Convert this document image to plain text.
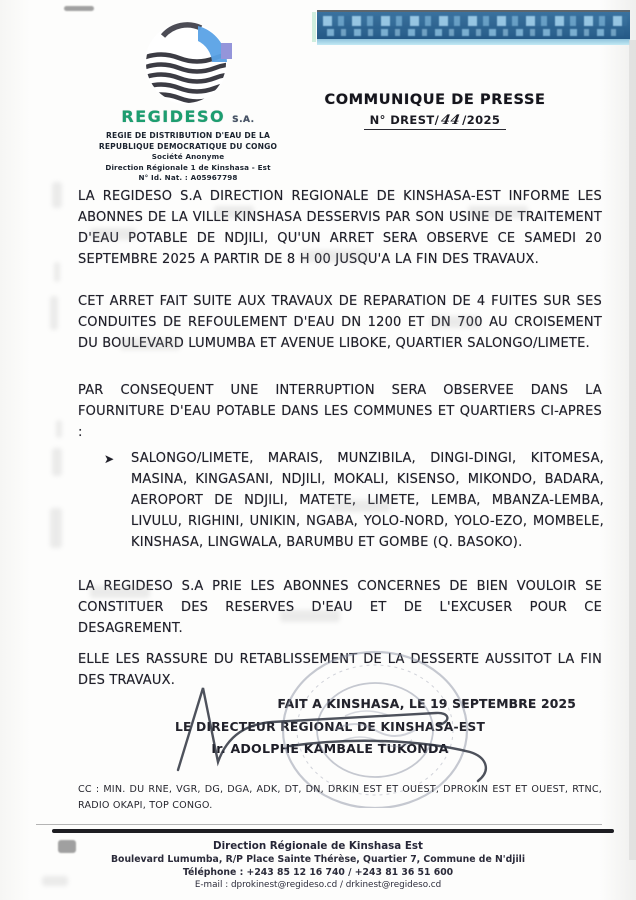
REGIDESO S.A.
REGIE DE DISTRIBUTION D'EAU DE LA
REPUBLIQUE DEMOCRATIQUE DU CONGO
Société Anonyme
Direction Régionale 1 de Kinshasa - Est
N° Id. Nat. : A05967798
COMMUNIQUE DE PRESSE
N° DREST/44/2025
LA REGIDESO S.A DIRECTION REGIONALE DE KINSHASA-EST INFORME LES ABONNES DE LA VILLE KINSHASA DESSERVIS PAR SON USINE DE TRAITEMENT D'EAU POTABLE DE NDJILI, QU'UN ARRET SERA OBSERVE CE SAMEDI 20 SEPTEMBRE 2025 A PARTIR DE 8 H 00 JUSQU'A LA FIN DES TRAVAUX.
CET ARRET FAIT SUITE AUX TRAVAUX DE REPARATION DE 4 FUITES SUR SES CONDUITES DE REFOULEMENT D'EAU DN 1200 ET DN 700 AU CROISEMENT DU BOULEVARD LUMUMBA ET AVENUE LIBOKE, QUARTIER SALONGO/LIMETE.
PAR CONSEQUENT UNE INTERRUPTION SERA OBSERVEE DANS LA FOURNITURE D'EAU POTABLE DANS LES COMMUNES ET QUARTIERS CI-APRES :
➤ SALONGO/LIMETE, MARAIS, MUNZIBILA, DINGI-DINGI, KITOMESA, MASINA, KINGASANI, NDJILI, MOKALI, KISENSO, MIKONDO, BADARA, AEROPORT DE NDJILI, MATETE, LIMETE, LEMBA, MBANZA-LEMBA, LIVULU, RIGHINI, UNIKIN, NGABA, YOLO-NORD, YOLO-EZO, MOMBELE, KINSHASA, LINGWALA, BARUMBU ET GOMBE (Q. BASOKO).
LA REGIDESO S.A PRIE LES ABONNES CONCERNES DE BIEN VOULOIR SE CONSTITUER DES RESERVES D'EAU ET DE L'EXCUSER POUR CE DESAGREMENT.
ELLE LES RASSURE DU RETABLISSEMENT DE LA DESSERTE AUSSITOT LA FIN DES TRAVAUX.
FAIT A KINSHASA, LE 19 SEPTEMBRE 2025
LE DIRECTEUR REGIONAL DE KINSHASA-EST
Ir. ADOLPHE KAMBALE TUKONDA
CC : MIN. DU RNE, VGR, DG, DGA, ADK, DT, DN, DRKIN EST ET OUEST, DPROKIN EST ET OUEST, RTNC, RADIO OKAPI, TOP CONGO.
Direction Régionale de Kinshasa Est
Boulevard Lumumba, R/P Place Sainte Thérèse, Quartier 7, Commune de N'djili
Téléphone : +243 85 12 16 740 / +243 81 36 51 600
E-mail : dprokinest@regideso.cd / drkinest@regideso.cd
